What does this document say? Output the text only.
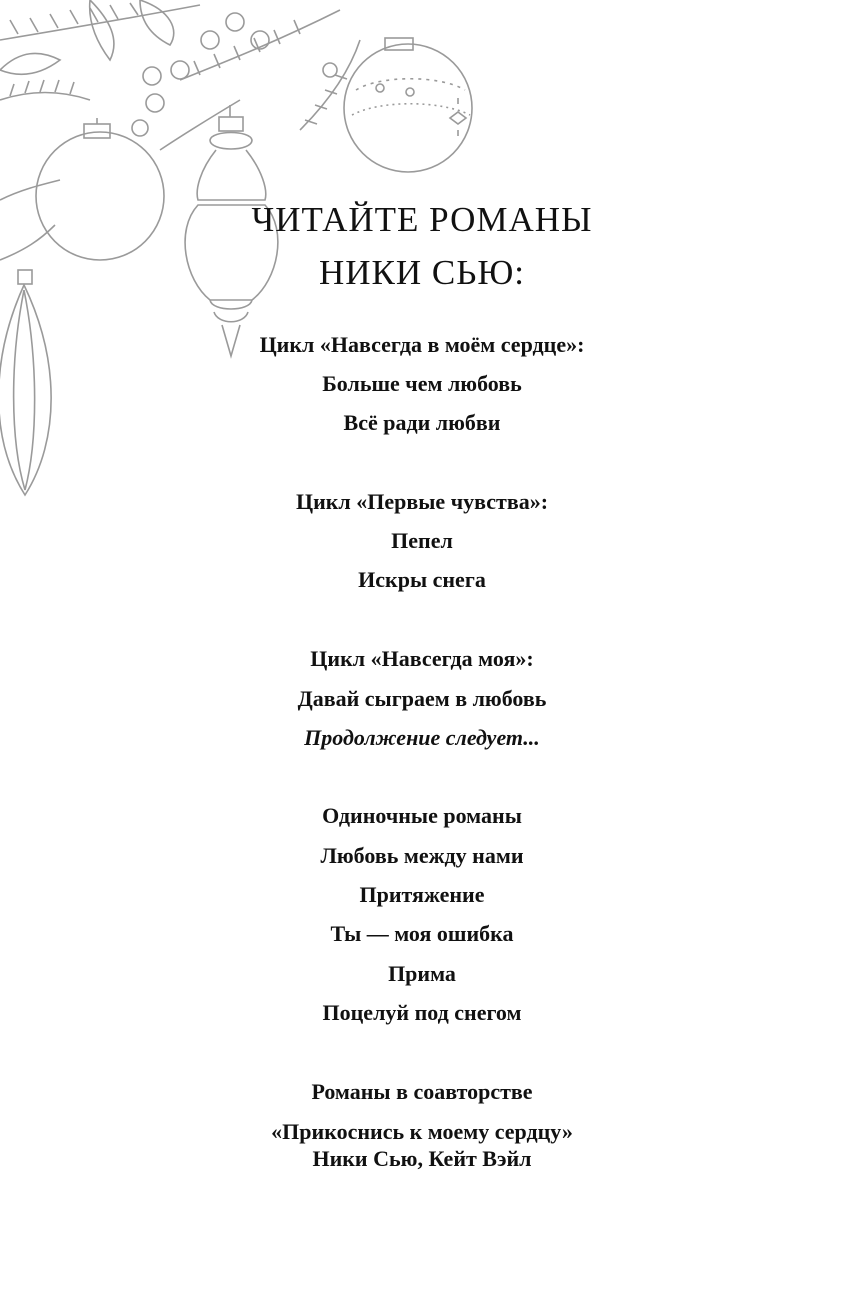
ЧИТАЙТЕ РОМАНЫ
НИКИ СЬЮ:
Цикл «Навсегда в моём сердце»:
Больше чем любовь
Всё ради любви
Цикл «Первые чувства»:
Пепел
Искры снега
Цикл «Навсегда моя»:
Давай сыграем в любовь
Продолжение следует...
Одиночные романы
Любовь между нами
Притяжение
Ты — моя ошибка
Прима
Поцелуй под снегом
Романы в соавторстве
«Прикоснись к моему сердцу»
Ники Сью, Кейт Вэйл
